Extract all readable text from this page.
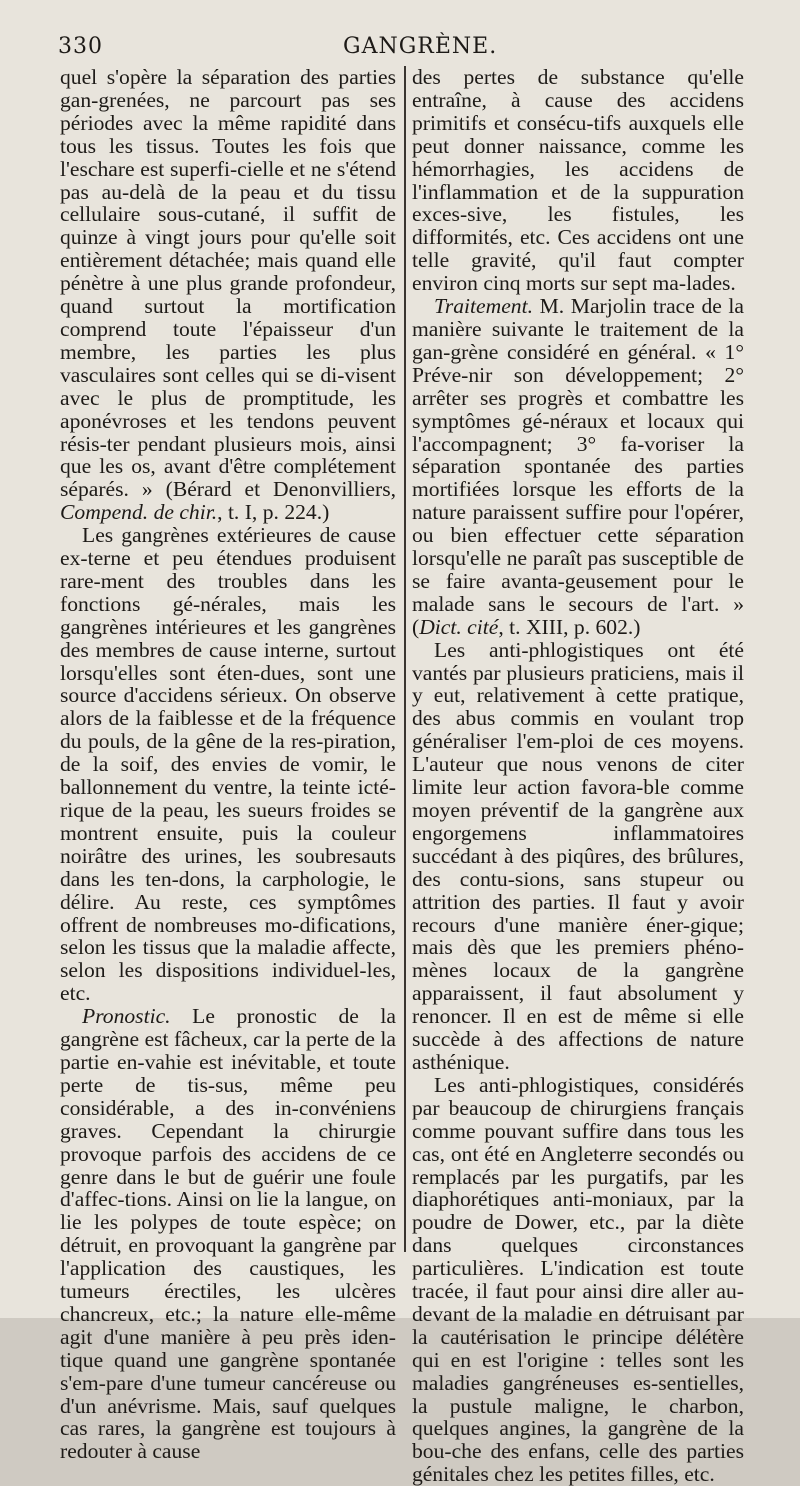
330	GANGRÈNE.

quel s'opère la séparation des parties gan-grenées, ne parcourt pas ses périodes avec la même rapidité dans tous les tissus. Toutes les fois que l'eschare est superfi-cielle et ne s'étend pas au-delà de la peau et du tissu cellulaire sous-cutané, il suffit de quinze à vingt jours pour qu'elle soit entièrement détachée; mais quand elle pénètre à une plus grande profondeur, quand surtout la mortification comprend toute l'épaisseur d'un membre, les parties les plus vasculaires sont celles qui se di-visent avec le plus de promptitude, les aponévroses et les tendons peuvent résis-ter pendant plusieurs mois, ainsi que les os, avant d'être complétement séparés. » (Bérard et Denonvilliers, Compend. de chir., t. I, p. 224.)

Les gangrènes extérieures de cause ex-terne et peu étendues produisent rare-ment des troubles dans les fonctions gé-nérales, mais les gangrènes intérieures et les gangrènes des membres de cause interne, surtout lorsqu'elles sont éten-dues, sont une source d'accidens sérieux. On observe alors de la faiblesse et de la fréquence du pouls, de la gêne de la res-piration, de la soif, des envies de vomir, le ballonnement du ventre, la teinte icté-rique de la peau, les sueurs froides se montrent ensuite, puis la couleur noirâtre des urines, les soubresauts dans les ten-dons, la carphologie, le délire. Au reste, ces symptômes offrent de nombreuses mo-difications, selon les tissus que la maladie affecte, selon les dispositions individuel-les, etc.

Pronostic. Le pronostic de la gangrène est fâcheux, car la perte de la partie en-vahie est inévitable, et toute perte de tis-sus, même peu considérable, a des in-convéniens graves. Cependant la chirurgie provoque parfois des accidens de ce genre dans le but de guérir une foule d'affec-tions. Ainsi on lie la langue, on lie les polypes de toute espèce; on détruit, en provoquant la gangrène par l'application des caustiques, les tumeurs érectiles, les ulcères chancreux, etc.; la nature elle-même agit d'une manière à peu près iden-tique quand une gangrène spontanée s'em-pare d'une tumeur cancéreuse ou d'un anévrisme. Mais, sauf quelques cas rares, la gangrène est toujours à redouter à cause

des pertes de substance qu'elle entraîne, à cause des accidens primitifs et consécu-tifs auxquels elle peut donner naissance, comme les hémorrhagies, les accidens de l'inflammation et de la suppuration exces-sive, les fistules, les difformités, etc. Ces accidens ont une telle gravité, qu'il faut compter environ cinq morts sur sept ma-lades.

Traitement. M. Marjolin trace de la manière suivante le traitement de la gan-grène considéré en général. « 1° Préve-nir son développement; 2° arrêter ses progrès et combattre les symptômes gé-néraux et locaux qui l'accompagnent; 3° fa-voriser la séparation spontanée des parties mortifiées lorsque les efforts de la nature paraissent suffire pour l'opérer, ou bien effectuer cette séparation lorsqu'elle ne paraît pas susceptible de se faire avanta-geusement pour le malade sans le secours de l'art. » (Dict. cité, t. XIII, p. 602.)

Les anti-phlogistiques ont été vantés par plusieurs praticiens, mais il y eut, relativement à cette pratique, des abus commis en voulant trop généraliser l'em-ploi de ces moyens. L'auteur que nous venons de citer limite leur action favora-ble comme moyen préventif de la gangrène aux engorgemens inflammatoires succédant à des piqûres, des brûlures, des contu-sions, sans stupeur ou attrition des parties. Il faut y avoir recours d'une manière éner-gique; mais dès que les premiers phéno-mènes locaux de la gangrène apparaissent, il faut absolument y renoncer. Il en est de même si elle succède à des affections de nature asthénique.

Les anti-phlogistiques, considérés par beaucoup de chirurgiens français comme pouvant suffire dans tous les cas, ont été en Angleterre secondés ou remplacés par les purgatifs, par les diaphorétiques anti-moniaux, par la poudre de Dower, etc., par la diète dans quelques circonstances particulières. L'indication est toute tracée, il faut pour ainsi dire aller au-devant de la maladie en détruisant par la cautérisation le principe délétère qui en est l'origine : telles sont les maladies gangréneuses es-sentielles, la pustule maligne, le charbon, quelques angines, la gangrène de la bou-che des enfans, celle des parties génitales chez les petites filles, etc.
